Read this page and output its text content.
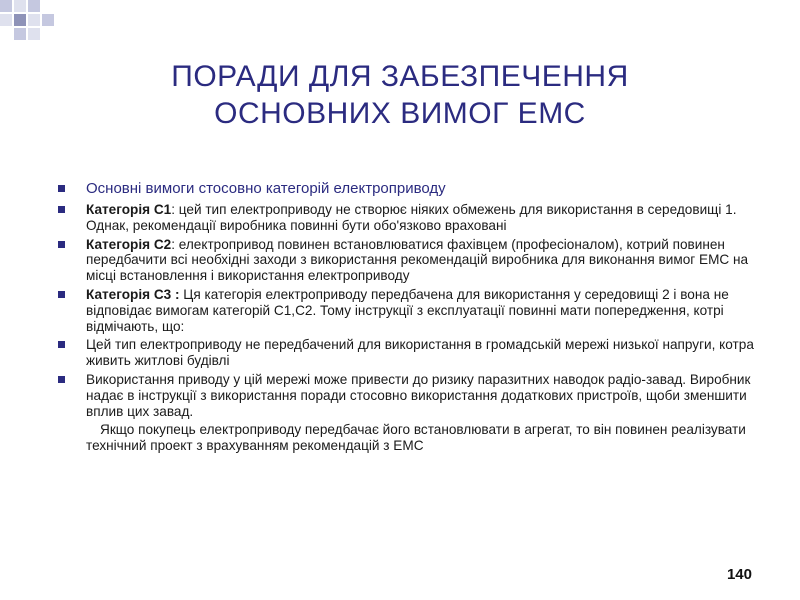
ПОРАДИ ДЛЯ ЗАБЕЗПЕЧЕННЯ
ОСНОВНИХ ВИМОГ ЕМС
Основні вимоги стосовно категорій електроприводу
Категорія С1: цей тип електроприводу не створює ніяких обмежень для використання в середовищі 1. Однак, рекомендації виробника повинні бути обо'язково враховані
Категорія С2: електропривод повинен встановлюватися фахівцем (професіоналом), котрий повинен передбачити всі необхідні заходи з використання рекомендацій виробника для виконання вимог ЕМС на місці встановлення і використання електроприводу
Категорія С3 : Ця категорія електроприводу передбачена для використання у середовищі 2 і вона не відповідає вимогам категорій С1,С2. Тому інструкції з експлуатації повинні мати попередження, котрі відмічають, що:
Цей тип електроприводу не передбачений для використання в громадській мережі низької напруги, котра живить житлові будівлі
Використання приводу у цій мережі може привести до ризику паразитних наводок радіо-завад. Виробник надає в інструкції з використання поради стосовно використання додаткових пристроїв, щоби зменшити вплив цих завад.
Якщо покупець електроприводу передбачає його встановлювати в агрегат, то він повинен реалізувати технічний проект з врахуванням рекомендацій з ЕМС
140
